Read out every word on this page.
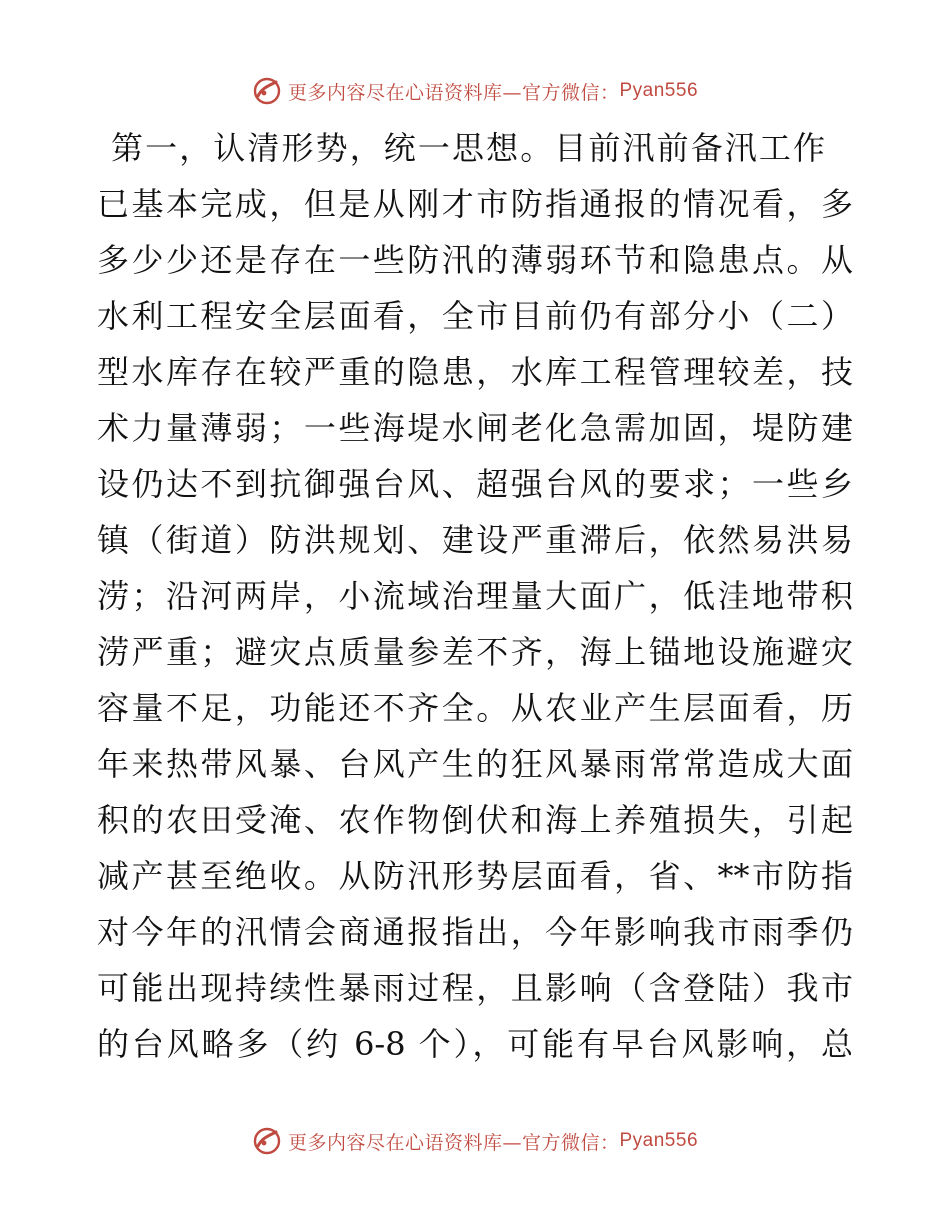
更多内容尽在心语资料库—官方微信： Pyan556
第一，认清形势，统一思想。目前汛前备汛工作
已基本完成，但是从刚才市防指通报的情况看，多
多少少还是存在一些防汛的薄弱环节和隐患点。从
水利工程安全层面看，全市目前仍有部分小（二）
型水库存在较严重的隐患，水库工程管理较差，技
术力量薄弱；一些海堤水闸老化急需加固，堤防建
设仍达不到抗御强台风、超强台风的要求；一些乡
镇（街道）防洪规划、建设严重滞后，依然易洪易
涝；沿河两岸，小流域治理量大面广，低洼地带积
涝严重；避灾点质量参差不齐，海上锚地设施避灾
容量不足，功能还不齐全。从农业产生层面看，历
年来热带风暴、台风产生的狂风暴雨常常造成大面
积的农田受淹、农作物倒伏和海上养殖损失，引起
减产甚至绝收。从防汛形势层面看，省、**市防指
对今年的汛情会商通报指出，今年影响我市雨季仍
可能出现持续性暴雨过程，且影响（含登陆）我市
的台风略多（约 6-8 个），可能有早台风影响，总
更多内容尽在心语资料库—官方微信： Pyan556
